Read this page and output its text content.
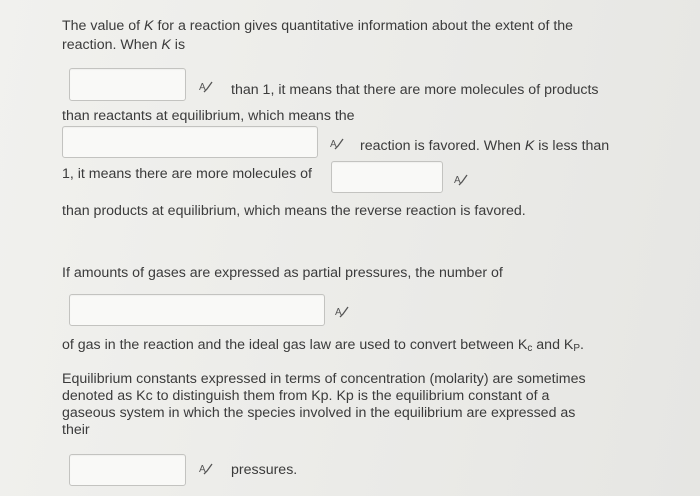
The value of K for a reaction gives quantitative information about the extent of the
reaction. When K is
A than 1, it means that there are more molecules of products
than reactants at equilibrium, which means the
A reaction is favored. When K is less than
1, it means there are more molecules of	A
than products at equilibrium, which means the reverse reaction is favored.
If amounts of gases are expressed as partial pressures, the number of
A
of gas in the reaction and the ideal gas law are used to convert between $K_c$ and $K_P$.
Equilibrium constants expressed in terms of concentration (molarity) are sometimes
denoted as Kc to distinguish them from Kp. Kp is the equilibrium constant of a
gaseous system in which the species involved in the equilibrium are expressed as
their
A pressures.
